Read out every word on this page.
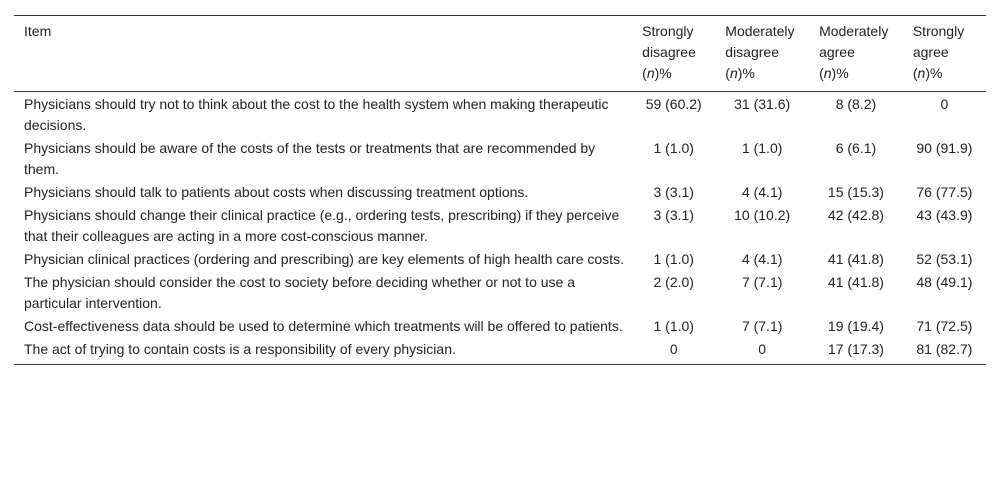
Item	Strongly
disagree
(n)%	Moderately
disagree
(n)%	Moderately
agree
(n)%	Strongly
agree
(n)%

Physicians should try not to think about the cost to the health system when making therapeutic decisions.	59 (60.2)	31 (31.6)	8 (8.2)	0
Physicians should be aware of the costs of the tests or treatments that are recommended by them.	1 (1.0)	1 (1.0)	6 (6.1)	90 (91.9)
Physicians should talk to patients about costs when discussing treatment options.	3 (3.1)	4 (4.1)	15 (15.3)	76 (77.5)
Physicians should change their clinical practice (e.g., ordering tests, prescribing) if they perceive that their colleagues are acting in a more cost-conscious manner.	3 (3.1)	10 (10.2)	42 (42.8)	43 (43.9)
Physician clinical practices (ordering and prescribing) are key elements of high health care costs.	1 (1.0)	4 (4.1)	41 (41.8)	52 (53.1)
The physician should consider the cost to society before deciding whether or not to use a particular intervention.	2 (2.0)	7 (7.1)	41 (41.8)	48 (49.1)
Cost-effectiveness data should be used to determine which treatments will be offered to patients.	1 (1.0)	7 (7.1)	19 (19.4)	71 (72.5)
The act of trying to contain costs is a responsibility of every physician.	0	0	17 (17.3)	81 (82.7)
